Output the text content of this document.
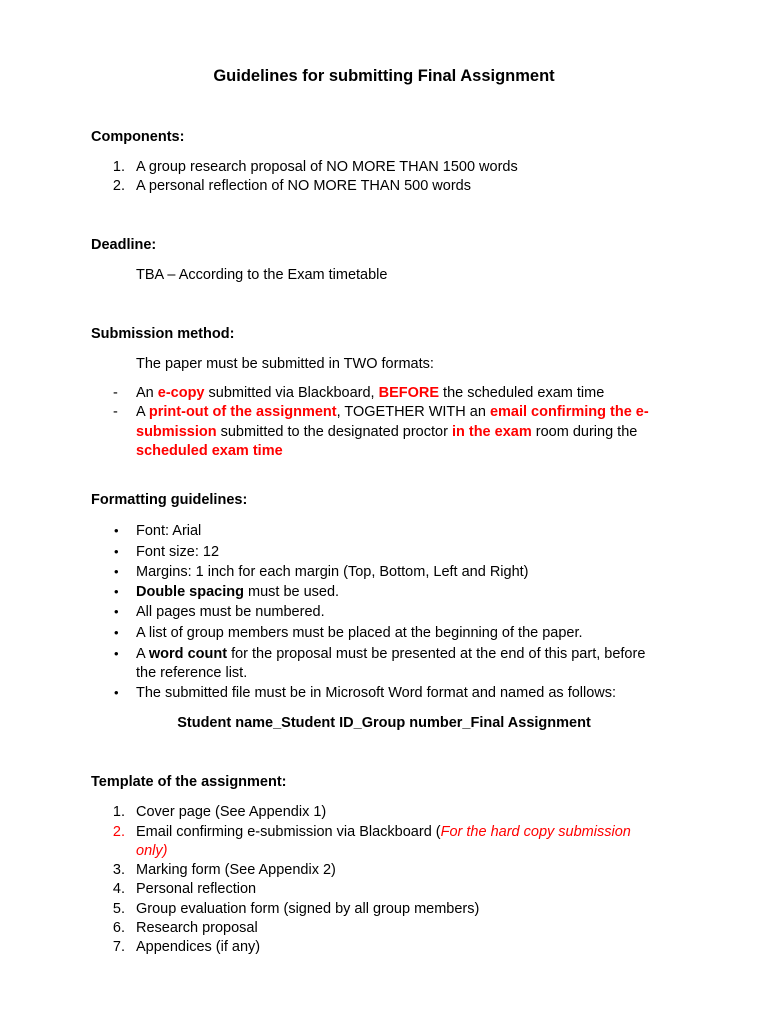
Guidelines for submitting Final Assignment
Components:
1. A group research proposal of NO MORE THAN 1500 words
2. A personal reflection of NO MORE THAN 500 words
Deadline:
TBA – According to the Exam timetable
Submission method:
The paper must be submitted in TWO formats:
- An e-copy submitted via Blackboard, BEFORE the scheduled exam time
- A print-out of the assignment, TOGETHER WITH an email confirming the e-
submission submitted to the designated proctor in the exam room during the
scheduled exam time
Formatting guidelines:
• Font: Arial
• Font size: 12
• Margins: 1 inch for each margin (Top, Bottom, Left and Right)
• Double spacing must be used.
• All pages must be numbered.
• A list of group members must be placed at the beginning of the paper.
• A word count for the proposal must be presented at the end of this part, before
the reference list.
• The submitted file must be in Microsoft Word format and named as follows:
Student name_Student ID_Group number_Final Assignment
Template of the assignment:
1. Cover page (See Appendix 1)
2. Email confirming e-submission via Blackboard (For the hard copy submission
only)
3. Marking form (See Appendix 2)
4. Personal reflection
5. Group evaluation form (signed by all group members)
6. Research proposal
7. Appendices (if any)
